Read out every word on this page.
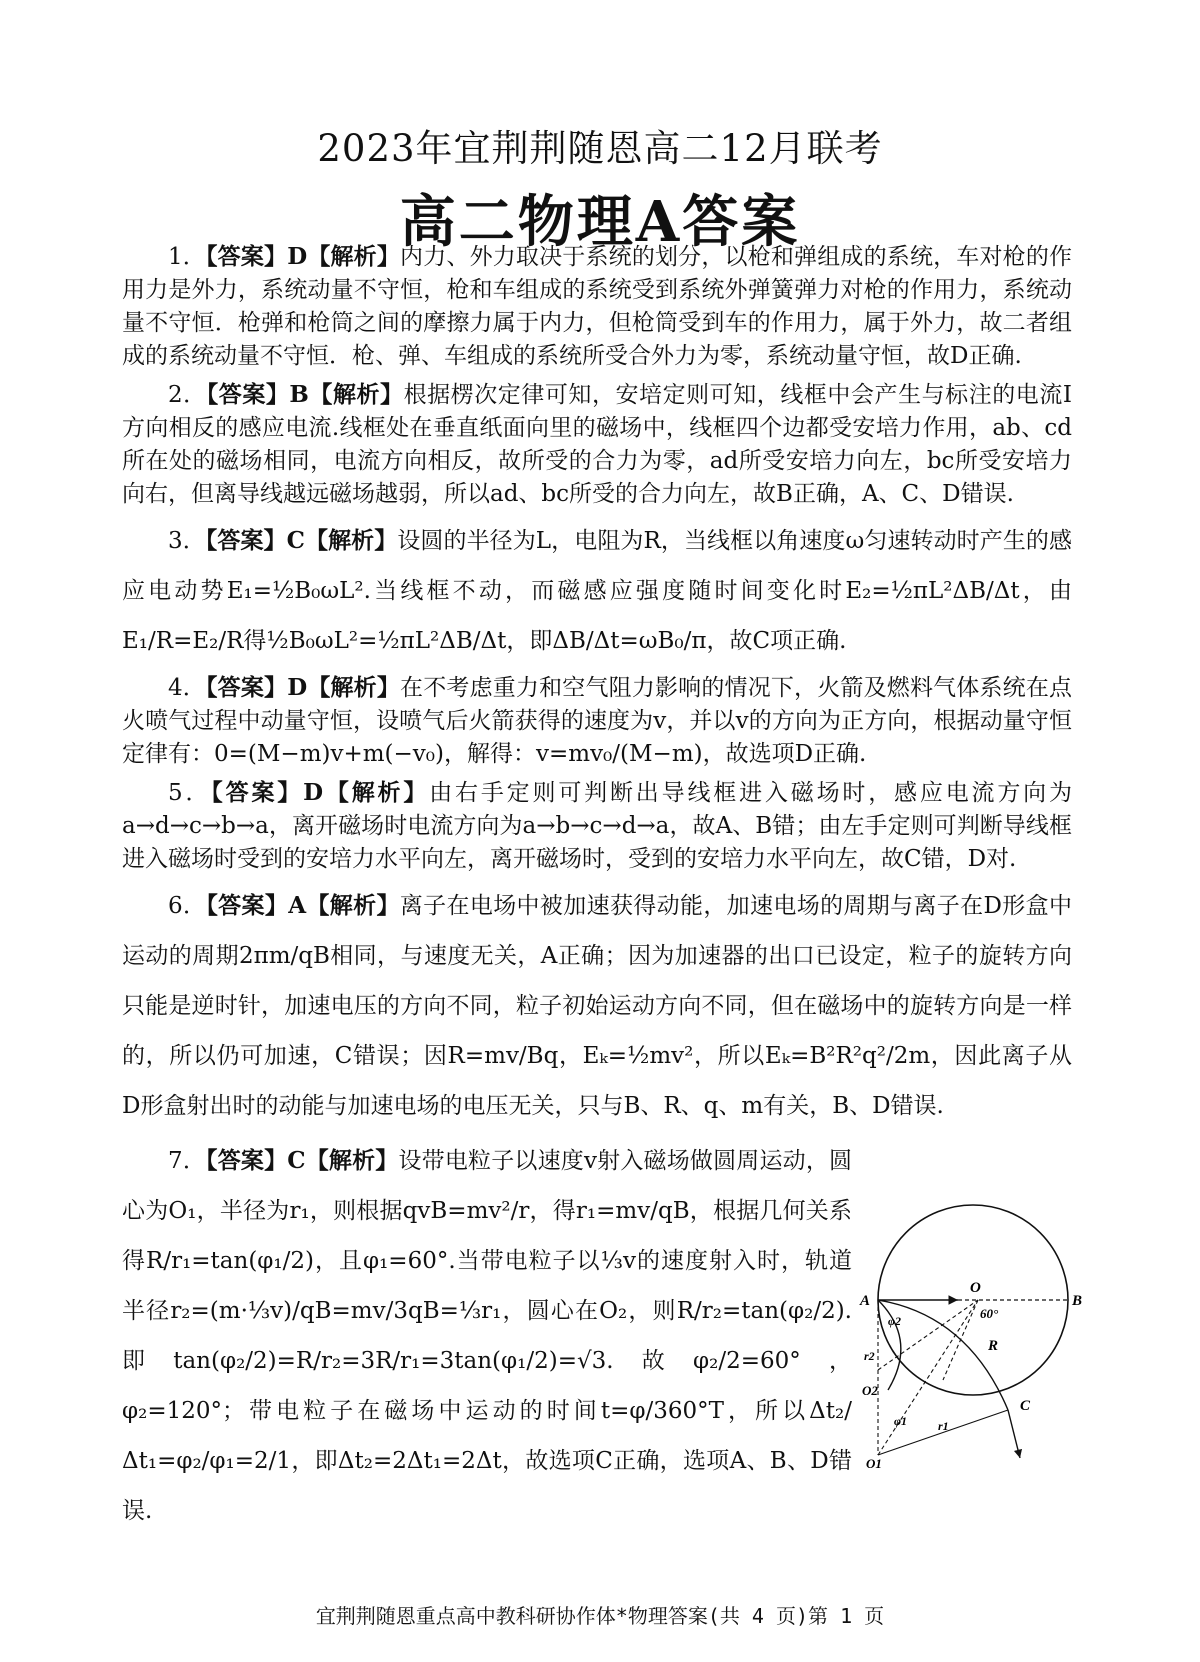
2023年宜荆荆随恩高二12月联考
高二物理A答案

1．【答案】D【解析】内力、外力取决于系统的划分，以枪和弹组成的系统，车对枪的作用力是外力，系统动量不守恒，枪和车组成的系统受到系统外弹簧弹力对枪的作用力，系统动量不守恒．枪弹和枪筒之间的摩擦力属于内力，但枪筒受到车的作用力，属于外力，故二者组成的系统动量不守恒．枪、弹、车组成的系统所受合外力为零，系统动量守恒，故D正确.

2．【答案】B【解析】根据楞次定律可知，安培定则可知，线框中会产生与标注的电流I方向相反的感应电流.线框处在垂直纸面向里的磁场中，线框四个边都受安培力作用，ab、cd所在处的磁场相同，电流方向相反，故所受的合力为零，ad所受安培力向左，bc所受安培力向右，但离导线越远磁场越弱，所以ad、bc所受的合力向左，故B正确，A、C、D错误.

3．【答案】C【解析】设圆的半径为L，电阻为R，当线框以角速度ω匀速转动时产生的感应电动势E₁=½B₀ωL².当线框不动，而磁感应强度随时间变化时E₂=½πL²ΔB/Δt，由E₁/R=E₂/R得½B₀ωL²=½πL²ΔB/Δt，即ΔB/Δt=ωB₀/π，故C项正确.

4．【答案】D【解析】在不考虑重力和空气阻力影响的情况下，火箭及燃料气体系统在点火喷气过程中动量守恒，设喷气后火箭获得的速度为v，并以v的方向为正方向，根据动量守恒定律有：0=(M−m)v+m(−v₀)，解得：v=mv₀/(M−m)，故选项D正确.

5．【答案】D【解析】由右手定则可判断出导线框进入磁场时，感应电流方向为a→d→c→b→a，离开磁场时电流方向为a→b→c→d→a，故A、B错；由左手定则可判断导线框进入磁场时受到的安培力水平向左，离开磁场时，受到的安培力水平向左，故C错，D对.

6．【答案】A【解析】离子在电场中被加速获得动能，加速电场的周期与离子在D形盒中运动的周期2πm/qB相同，与速度无关，A正确；因为加速器的出口已设定，粒子的旋转方向只能是逆时针，加速电压的方向不同，粒子初始运动方向不同，但在磁场中的旋转方向是一样的，所以仍可加速，C错误；因R=mv/Bq，Eₖ=½mv²，所以Eₖ=B²R²q²/2m，因此离子从D形盒射出时的动能与加速电场的电压无关，只与B、R、q、m有关，B、D错误.

7．【答案】C【解析】设带电粒子以速度v射入磁场做圆周运动，圆心为O₁，半径为r₁，则根据qvB=mv²/r，得r₁=mv/qB，根据几何关系得R/r₁=tan(φ₁/2)，且φ₁=60°.当带电粒子以⅓v的速度射入时，轨道半径r₂=(m·⅓v)/qB=mv/3qB=⅓r₁，圆心在O₂，则R/r₂=tan(φ₂/2).即tan(φ₂/2)=R/r₂=3R/r₁=3tan(φ₁/2)=√3.故φ₂/2=60°，φ₂=120°；带电粒子在磁场中运动的时间t=φ/360°T，所以Δt₂/Δt₁=φ₂/φ₁=2/1，即Δt₂=2Δt₁=2Δt，故选项C正确，选项A、B、D错误.

A
O
B
60°
R
φ2
r2
O2
φ1
C
r1
O1
宜荆荆随恩重点高中教科研协作体*物理答案(共 4 页)第 1 页
